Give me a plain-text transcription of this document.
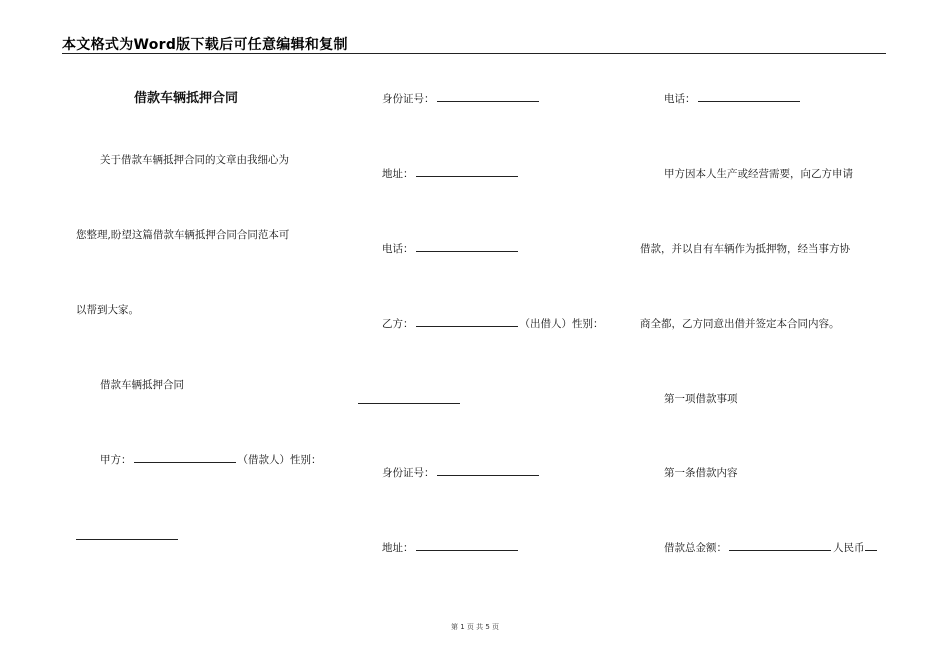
本文格式为Word版下载后可任意编辑和复制
借款车辆抵押合同
关于借款车辆抵押合同的文章由我细心为
您整理,盼望这篇借款车辆抵押合同合同范本可
以帮到大家。
借款车辆抵押合同
甲方：	（借款人）性别：
身份证号：
地址：
电话：
乙方：	（出借人）性别：
身份证号：
地址：
电话：
甲方因本人生产或经营需要，向乙方申请
借款，并以自有车辆作为抵押物，经当事方协
商全都，乙方同意出借并签定本合同内容。
第一项借款事项
第一条借款内容
借款总金额：	人民币
第 1 页 共 5 页
